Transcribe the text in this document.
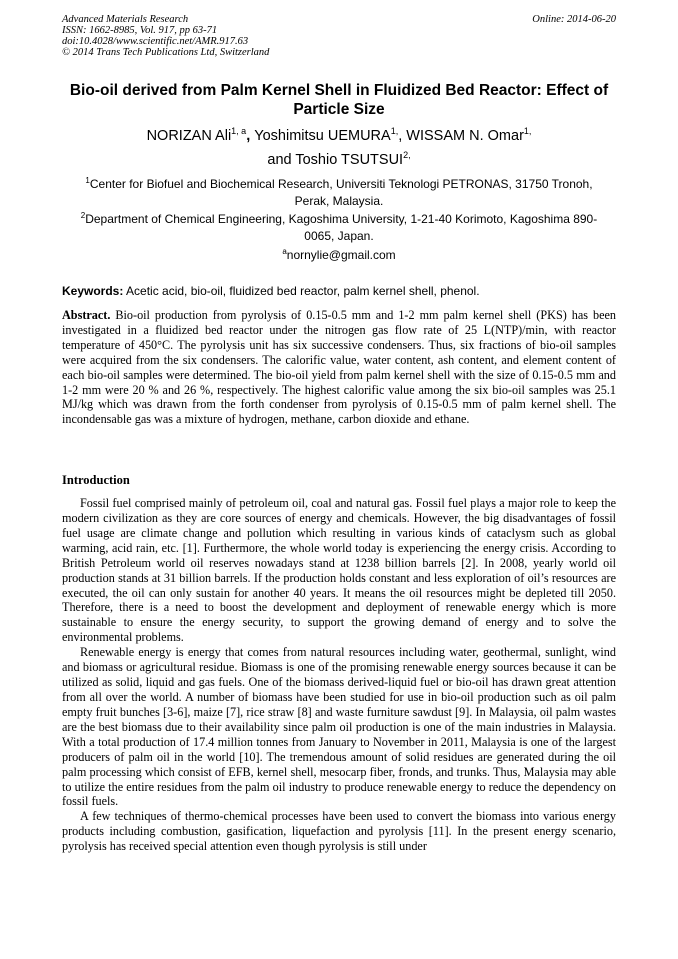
Advanced Materials Research
ISSN: 1662-8985, Vol. 917, pp 63-71
doi:10.4028/www.scientific.net/AMR.917.63
© 2014 Trans Tech Publications Ltd, Switzerland
Online: 2014-06-20
Bio-oil derived from Palm Kernel Shell in Fluidized Bed Reactor: Effect of Particle Size
NORIZAN Ali$^{1, a}$, Yoshimitsu $UEMURA^{1,}$, WISSAM N. Omar$^{1,}$
and Toshio $TSUTSUI^{2,}$
$^1$Center for Biofuel and Biochemical Research, Universiti Teknologi PETRONAS, 31750 Tronoh, Perak, Malaysia.
$^2$Department of Chemical Engineering, Kagoshima University, 1-21-40 Korimoto, Kagoshima 890-0065, Japan.
$^a$nornylie@gmail.com
Keywords: Acetic acid, bio-oil, fluidized bed reactor, palm kernel shell, phenol.
Abstract. Bio-oil production from pyrolysis of 0.15-0.5 mm and 1-2 mm palm kernel shell (PKS) has been investigated in a fluidized bed reactor under the nitrogen gas flow rate of 25 L(NTP)/min, with reactor temperature of 450°C. The pyrolysis unit has six successive condensers. Thus, six fractions of bio-oil samples were acquired from the six condensers. The calorific value, water content, ash content, and element content of each bio-oil samples were determined. The bio-oil yield from palm kernel shell with the size of 0.15-0.5 mm and 1-2 mm were 20 % and 26 %, respectively. The highest calorific value among the six bio-oil samples was 25.1 MJ/kg which was drawn from the forth condenser from pyrolysis of 0.15-0.5 mm of palm kernel shell. The incondensable gas was a mixture of hydrogen, methane, carbon dioxide and ethane.
Introduction

Fossil fuel comprised mainly of petroleum oil, coal and natural gas. Fossil fuel plays a major role to keep the modern civilization as they are core sources of energy and chemicals. However, the big disadvantages of fossil fuel usage are climate change and pollution which resulting in various kinds of cataclysm such as global warming, acid rain, etc. [1]. Furthermore, the whole world today is experiencing the energy crisis. According to British Petroleum world oil reserves nowadays stand at 1238 billion barrels [2]. In 2008, yearly world oil production stands at 31 billion barrels. If the production holds constant and less exploration of oil’s resources are executed, the oil can only sustain for another 40 years. It means the oil resources might be depleted till 2050. Therefore, there is a need to boost the development and deployment of renewable energy which is more sustainable to ensure the energy security, to support the growing demand of energy and to solve the environmental problems.

Renewable energy is energy that comes from natural resources including water, geothermal, sunlight, wind and biomass or agricultural residue. Biomass is one of the promising renewable energy sources because it can be utilized as solid, liquid and gas fuels. One of the biomass derived-liquid fuel or bio-oil has drawn great attention from all over the world. A number of biomass have been studied for use in bio-oil production such as oil palm empty fruit bunches [3-6], maize [7], rice straw [8] and waste furniture sawdust [9]. In Malaysia, oil palm wastes are the best biomass due to their availability since palm oil production is one of the main industries in Malaysia. With a total production of 17.4 million tonnes from January to November in 2011, Malaysia is one of the largest producers of palm oil in the world [10]. The tremendous amount of solid residues are generated during the oil palm processing which consist of EFB, kernel shell, mesocarp fiber, fronds, and trunks. Thus, Malaysia may able to utilize the entire residues from the palm oil industry to produce renewable energy to reduce the dependency on fossil fuels.

A few techniques of thermo-chemical processes have been used to convert the biomass into various energy products including combustion, gasification, liquefaction and pyrolysis [11]. In the present energy scenario, pyrolysis has received special attention even though pyrolysis is still under
